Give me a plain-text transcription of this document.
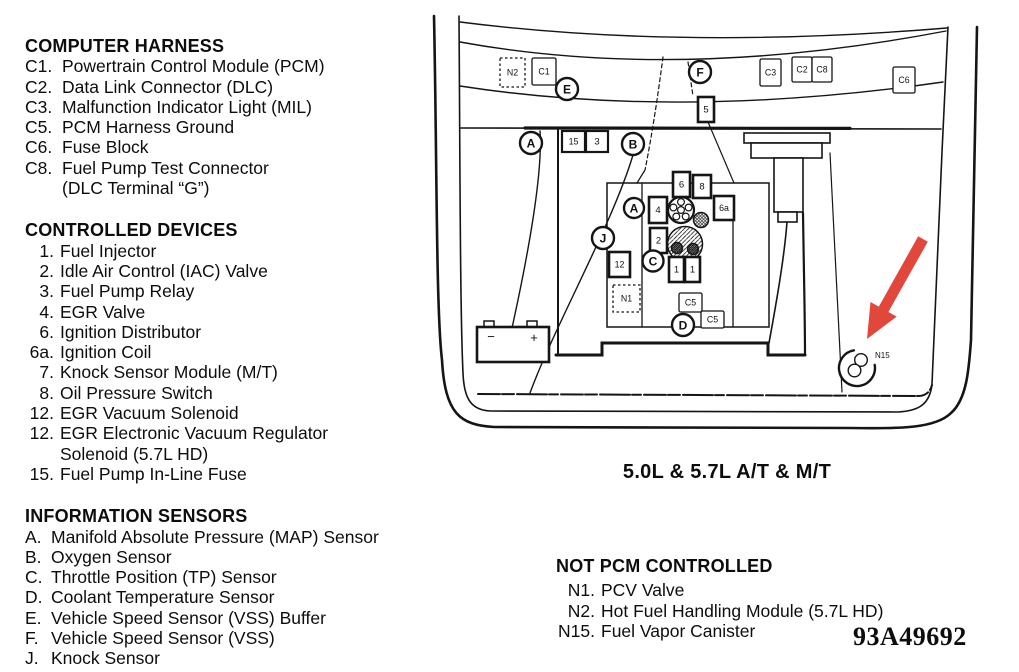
COMPUTER HARNESS
C1. Powertrain Control Module (PCM)
C2. Data Link Connector (DLC)
C3. Malfunction Indicator Light (MIL)
C5. PCM Harness Ground
C6. Fuse Block
C8. Fuel Pump Test Connector
(DLC Terminal “G”)
CONTROLLED DEVICES
1. Fuel Injector
2. Idle Air Control (IAC) Valve
3. Fuel Pump Relay
4. EGR Valve
6. Ignition Distributor
6a. Ignition Coil
7. Knock Sensor Module (M/T)
8. Oil Pressure Switch
12. EGR Vacuum Solenoid
12. EGR Electronic Vacuum Regulator
Solenoid (5.7L HD)
15. Fuel Pump In-Line Fuse
INFORMATION SENSORS
A. Manifold Absolute Pressure (MAP) Sensor
B. Oxygen Sensor
C. Throttle Position (TP) Sensor
D. Coolant Temperature Sensor
E. Vehicle Speed Sensor (VSS) Buffer
F. Vehicle Speed Sensor (VSS)
J. Knock Sensor
NOT PCM CONTROLLED
N1. PCV Valve
N2. Hot Fuel Handling Module (5.7L HD)
N15. Fuel Vapor Canister
5.0L & 5.7L A/T & M/T
93A49692
−	+
N2 C1	C3 C2 C8
C6
5
15 3
6 8
6a
4
2
12	1 1
N1	C5
C5
E
F
A	B
A
J
C
D
N15
